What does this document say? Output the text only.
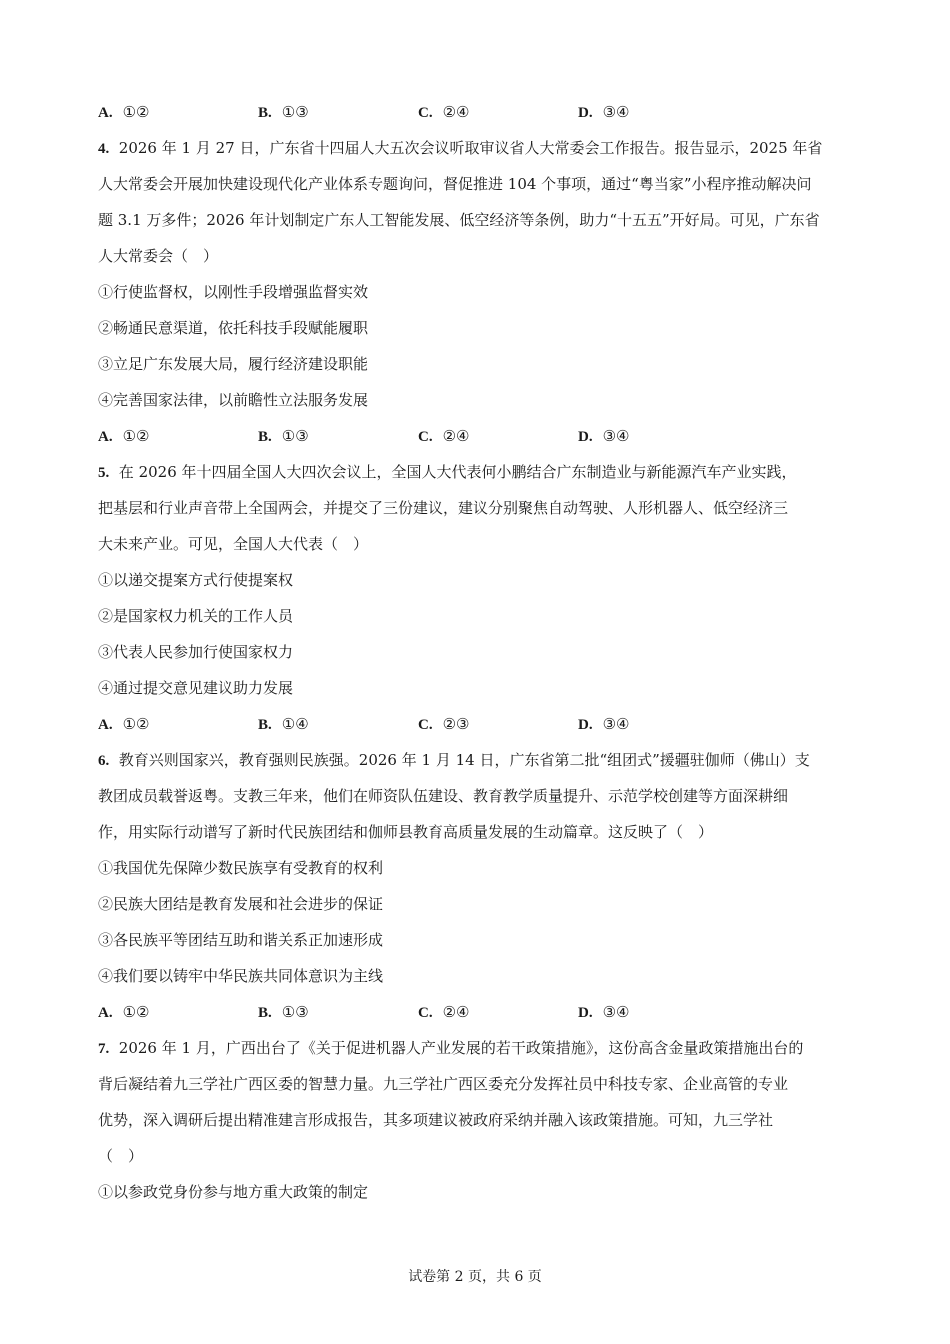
A. ①②	B. ①③	C. ②④	D. ③④
4. 2026 年 1 月 27 日，广东省十四届人大五次会议听取审议省人大常委会工作报告。报告显示，2025 年省
人大常委会开展加快建设现代化产业体系专题询问，督促推进 104 个事项，通过“粤当家”小程序推动解决问
题 3.1 万多件；2026 年计划制定广东人工智能发展、低空经济等条例，助力“十五五”开好局。可见，广东省
人大常委会（　）
①行使监督权，以刚性手段增强监督实效
②畅通民意渠道，依托科技手段赋能履职
③立足广东发展大局，履行经济建设职能
④完善国家法律，以前瞻性立法服务发展
A. ①②	B. ①③	C. ②④	D. ③④
5. 在 2026 年十四届全国人大四次会议上，全国人大代表何小鹏结合广东制造业与新能源汽车产业实践，
把基层和行业声音带上全国两会，并提交了三份建议，建议分别聚焦自动驾驶、人形机器人、低空经济三
大未来产业。可见，全国人大代表（　）
①以递交提案方式行使提案权
②是国家权力机关的工作人员
③代表人民参加行使国家权力
④通过提交意见建议助力发展
A. ①②	B. ①④	C. ②③	D. ③④
6. 教育兴则国家兴，教育强则民族强。2026 年 1 月 14 日，广东省第二批“组团式”援疆驻伽师（佛山）支
教团成员载誉返粤。支教三年来，他们在师资队伍建设、教育教学质量提升、示范学校创建等方面深耕细
作，用实际行动谱写了新时代民族团结和伽师县教育高质量发展的生动篇章。这反映了（　）
①我国优先保障少数民族享有受教育的权利
②民族大团结是教育发展和社会进步的保证
③各民族平等团结互助和谐关系正加速形成
④我们要以铸牢中华民族共同体意识为主线
A. ①②	B. ①③	C. ②④	D. ③④
7. 2026 年 1 月，广西出台了《关于促进机器人产业发展的若干政策措施》，这份高含金量政策措施出台的
背后凝结着九三学社广西区委的智慧力量。九三学社广西区委充分发挥社员中科技专家、企业高管的专业
优势，深入调研后提出精准建言形成报告，其多项建议被政府采纳并融入该政策措施。可知，九三学社
（　）
①以参政党身份参与地方重大政策的制定
试卷第 2 页，共 6 页
